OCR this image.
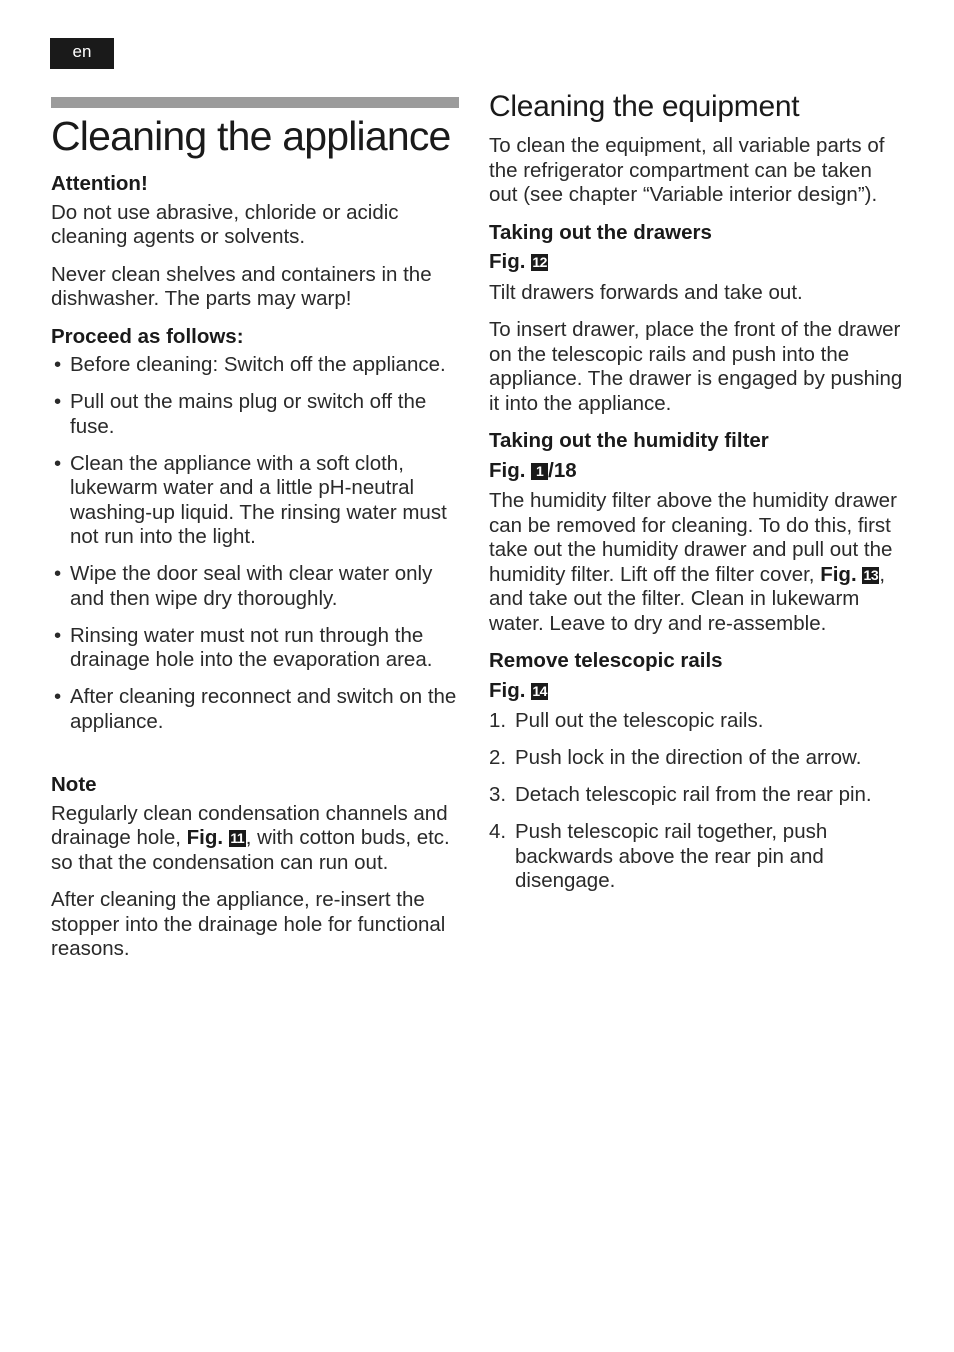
en
Cleaning the appliance
Attention!

Do not use abrasive, chloride or acidic cleaning agents or solvents.

Never clean shelves and containers in the dishwasher. The parts may warp!

Proceed as follows:
• Before cleaning: Switch off the appliance.
• Pull out the mains plug or switch off the fuse.
• Clean the appliance with a soft cloth, lukewarm water and a little pH-neutral washing-up liquid. The rinsing water must not run into the light.
• Wipe the door seal with clear water only and then wipe dry thoroughly.
• Rinsing water must not run through the drainage hole into the evaporation area.
• After cleaning reconnect and switch on the appliance.
Note

Regularly clean condensation channels and drainage hole, Fig. 11, with cotton buds, etc. so that the condensation can run out.

After cleaning the appliance, re-insert the stopper into the drainage hole for functional reasons.

Cleaning the equipment

To clean the equipment, all variable parts of the refrigerator compartment can be taken out (see chapter “Variable interior design”).

Taking out the drawers
Fig. 12

Tilt drawers forwards and take out.

To insert drawer, place the front of the drawer on the telescopic rails and push into the appliance. The drawer is engaged by pushing it into the appliance.

Taking out the humidity filter
Fig. 1 /18

The humidity filter above the humidity drawer can be removed for cleaning. To do this, first take out the humidity drawer and pull out the humidity filter. Lift off the filter cover, Fig. 13, and take out the filter. Clean in lukewarm water. Leave to dry and re-assemble.

Remove telescopic rails
Fig. 14
1. Pull out the telescopic rails.
2. Push lock in the direction of the arrow.
3. Detach telescopic rail from the rear pin.
4. Push telescopic rail together, push backwards above the rear pin and disengage.
